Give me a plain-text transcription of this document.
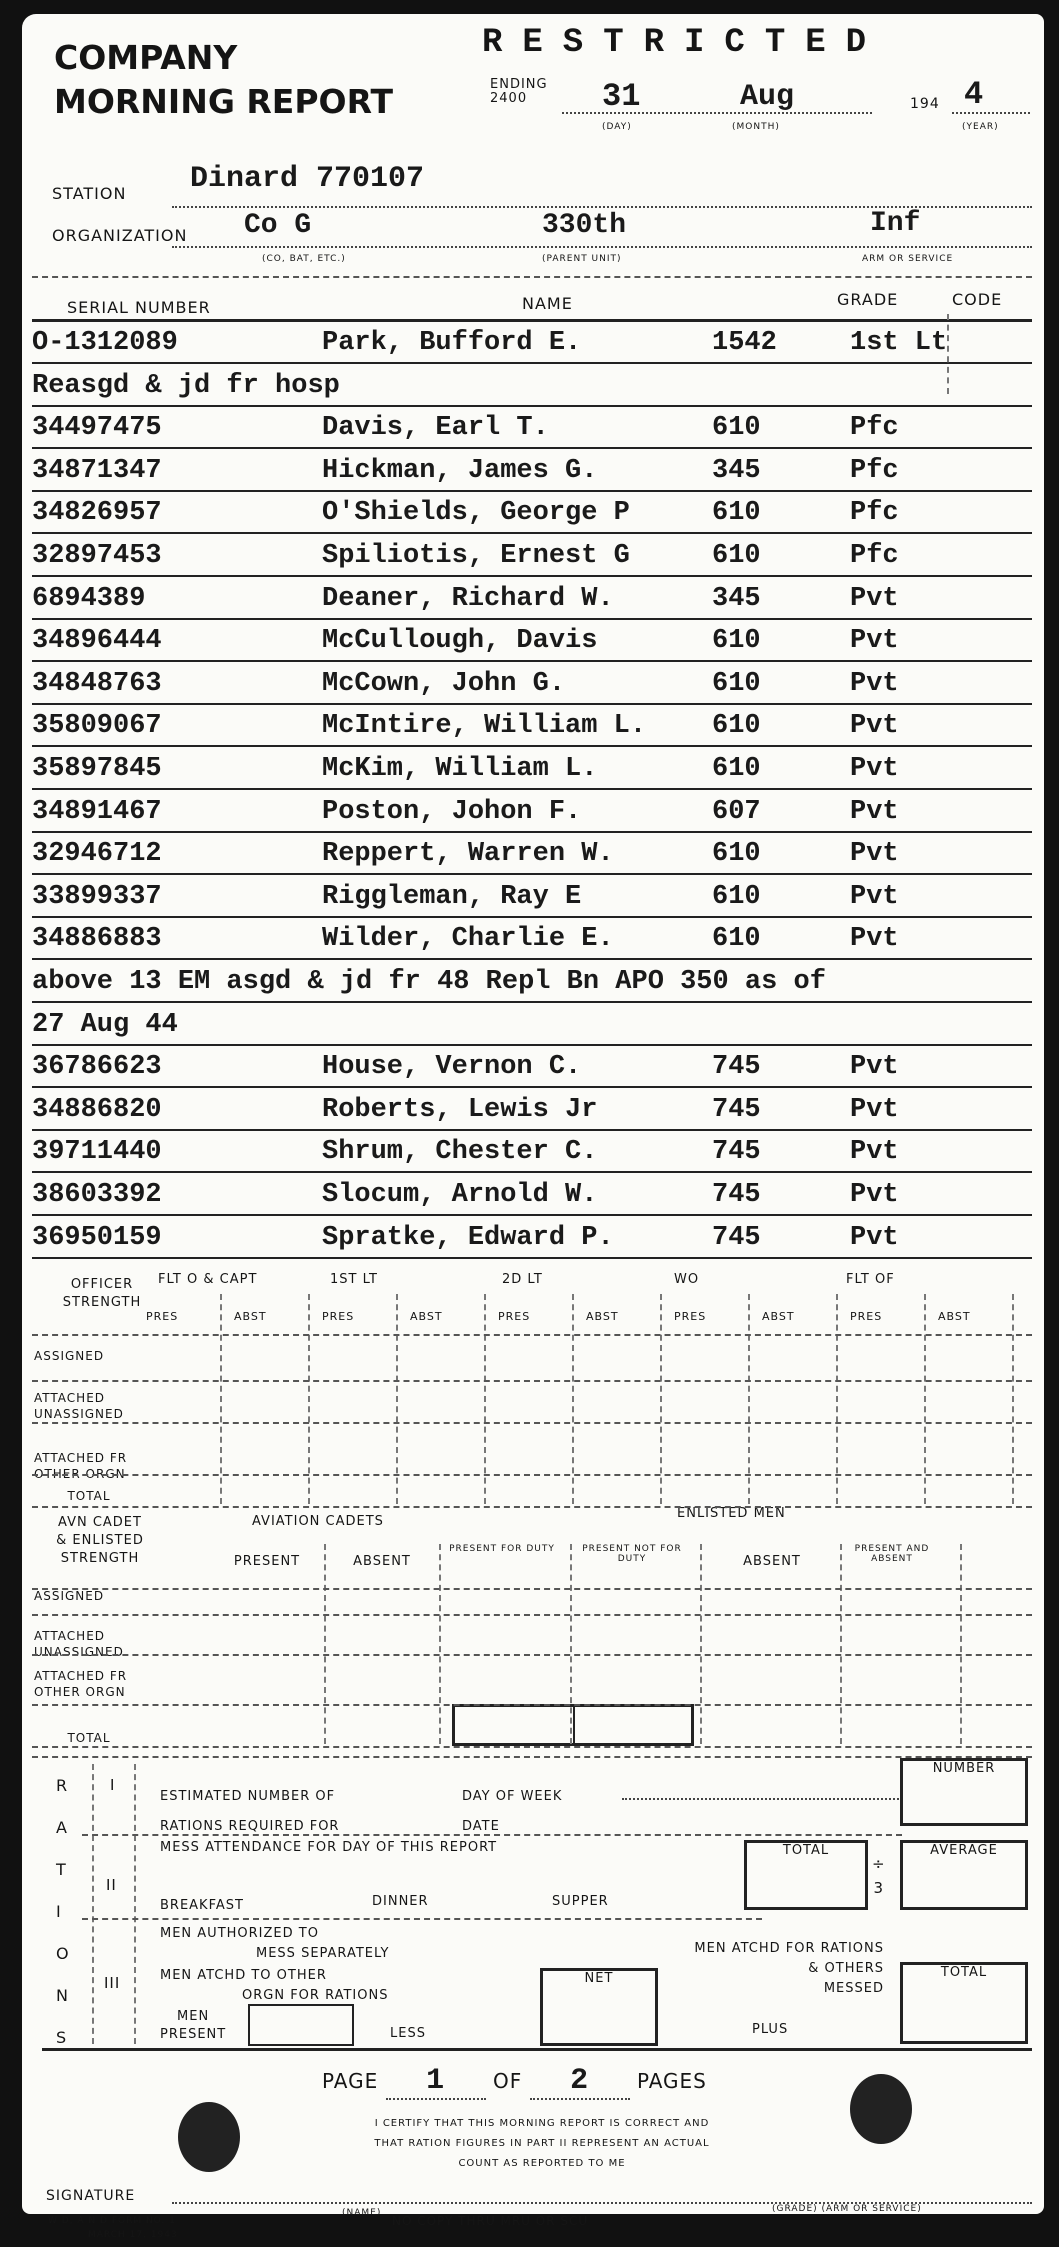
COMPANY
MORNING REPORT
RESTRICTED
ENDING
2400	31	Aug	194 4
(DAY)	(MONTH)	(YEAR)
STATION Dinard 770107
ORGANIZATION Co G	330th	Inf
(CO, BAT, ETC.)	(PARENT UNIT)	ARM OR SERVICE
SERIAL NUMBER	NAME	GRADE	CODE
OFFICER
STRENGTH
AVN CADET
& ENLISTED
STRENGTH
AVIATION CADETS
ENLISTED MEN
I
II
III
ESTIMATED NUMBER OF
RATIONS REQUIRED FOR
DAY OF WEEK
DATE
NUMBER
MESS ATTENDANCE FOR DAY OF THIS REPORT
BREAKFAST	DINNER	SUPPER
TOTAL
÷
3
AVERAGE
MEN AUTHORIZED TO
MESS SEPARATELY
MEN ATCHD TO OTHER
ORGN FOR RATIONS
MEN ATCHD FOR RATIONS
& OTHERS
MESSED
NET	TOTAL
MEN
PRESENT	LESS	PLUS
PAGE 1 OF 2 PAGES
I CERTIFY THAT THIS MORNING REPORT IS CORRECT AND
THAT RATION FIGURES IN PART II REPRESENT AN ACTUAL
COUNT AS REPORTED TO ME
SIGNATURE
(NAME)	(GRADE) (ARM OR SERVICE)
W D, A N D FORM NO. 1
MARCH 17, 1943
NO COPY THRU MRU OR SCU
O-1312089	Park, Bufford E.	1542	1st Lt
Reasgd & jd fr hosp
34497475	Davis, Earl T.	610	Pfc
34871347	Hickman, James G.	345	Pfc
34826957	O'Shields, George P	610	Pfc
32897453	Spiliotis, Ernest G	610	Pfc
6894389	Deaner, Richard W.	345	Pvt
34896444	McCullough, Davis	610	Pvt
34848763	McCown, John G.	610	Pvt
35809067	McIntire, William L. 610	Pvt
35897845	McKim, William L.	610	Pvt
34891467	Poston, Johon F.	607	Pvt
32946712	Reppert, Warren W.	610	Pvt
33899337	Riggleman, Ray E	610	Pvt
34886883	Wilder, Charlie E.	610	Pvt
above 13 EM asgd & jd fr 48 Repl Bn APO 350 as of
27 Aug 44
36786623	House, Vernon C.	745	Pvt
34886820	Roberts, Lewis Jr	745	Pvt
39711440	Shrum, Chester C.	745	Pvt
38603392	Slocum, Arnold W.	745	Pvt
36950159	Spratke, Edward P.	745	Pvt
FLT O & CAPT	1ST LT	2D LT	WO	FLT OF
PRES	ABST	PRES	ABST	PRES	ABST	PRES	ABST	PRES	ABST
ASSIGNED
ATTACHED UNASSIGNED
ATTACHED FR OTHER ORGN
TOTAL
PRESENT	ABSENT
PRESENT FOR DUTY	PRESENT NOT FOR DUTY	ABSENT
PRESENT AND ABSENT
ASSIGNED
ATTACHED UNASSIGNED
ATTACHED FR OTHER ORGN
TOTAL
R
A
T
I
O
N
S
